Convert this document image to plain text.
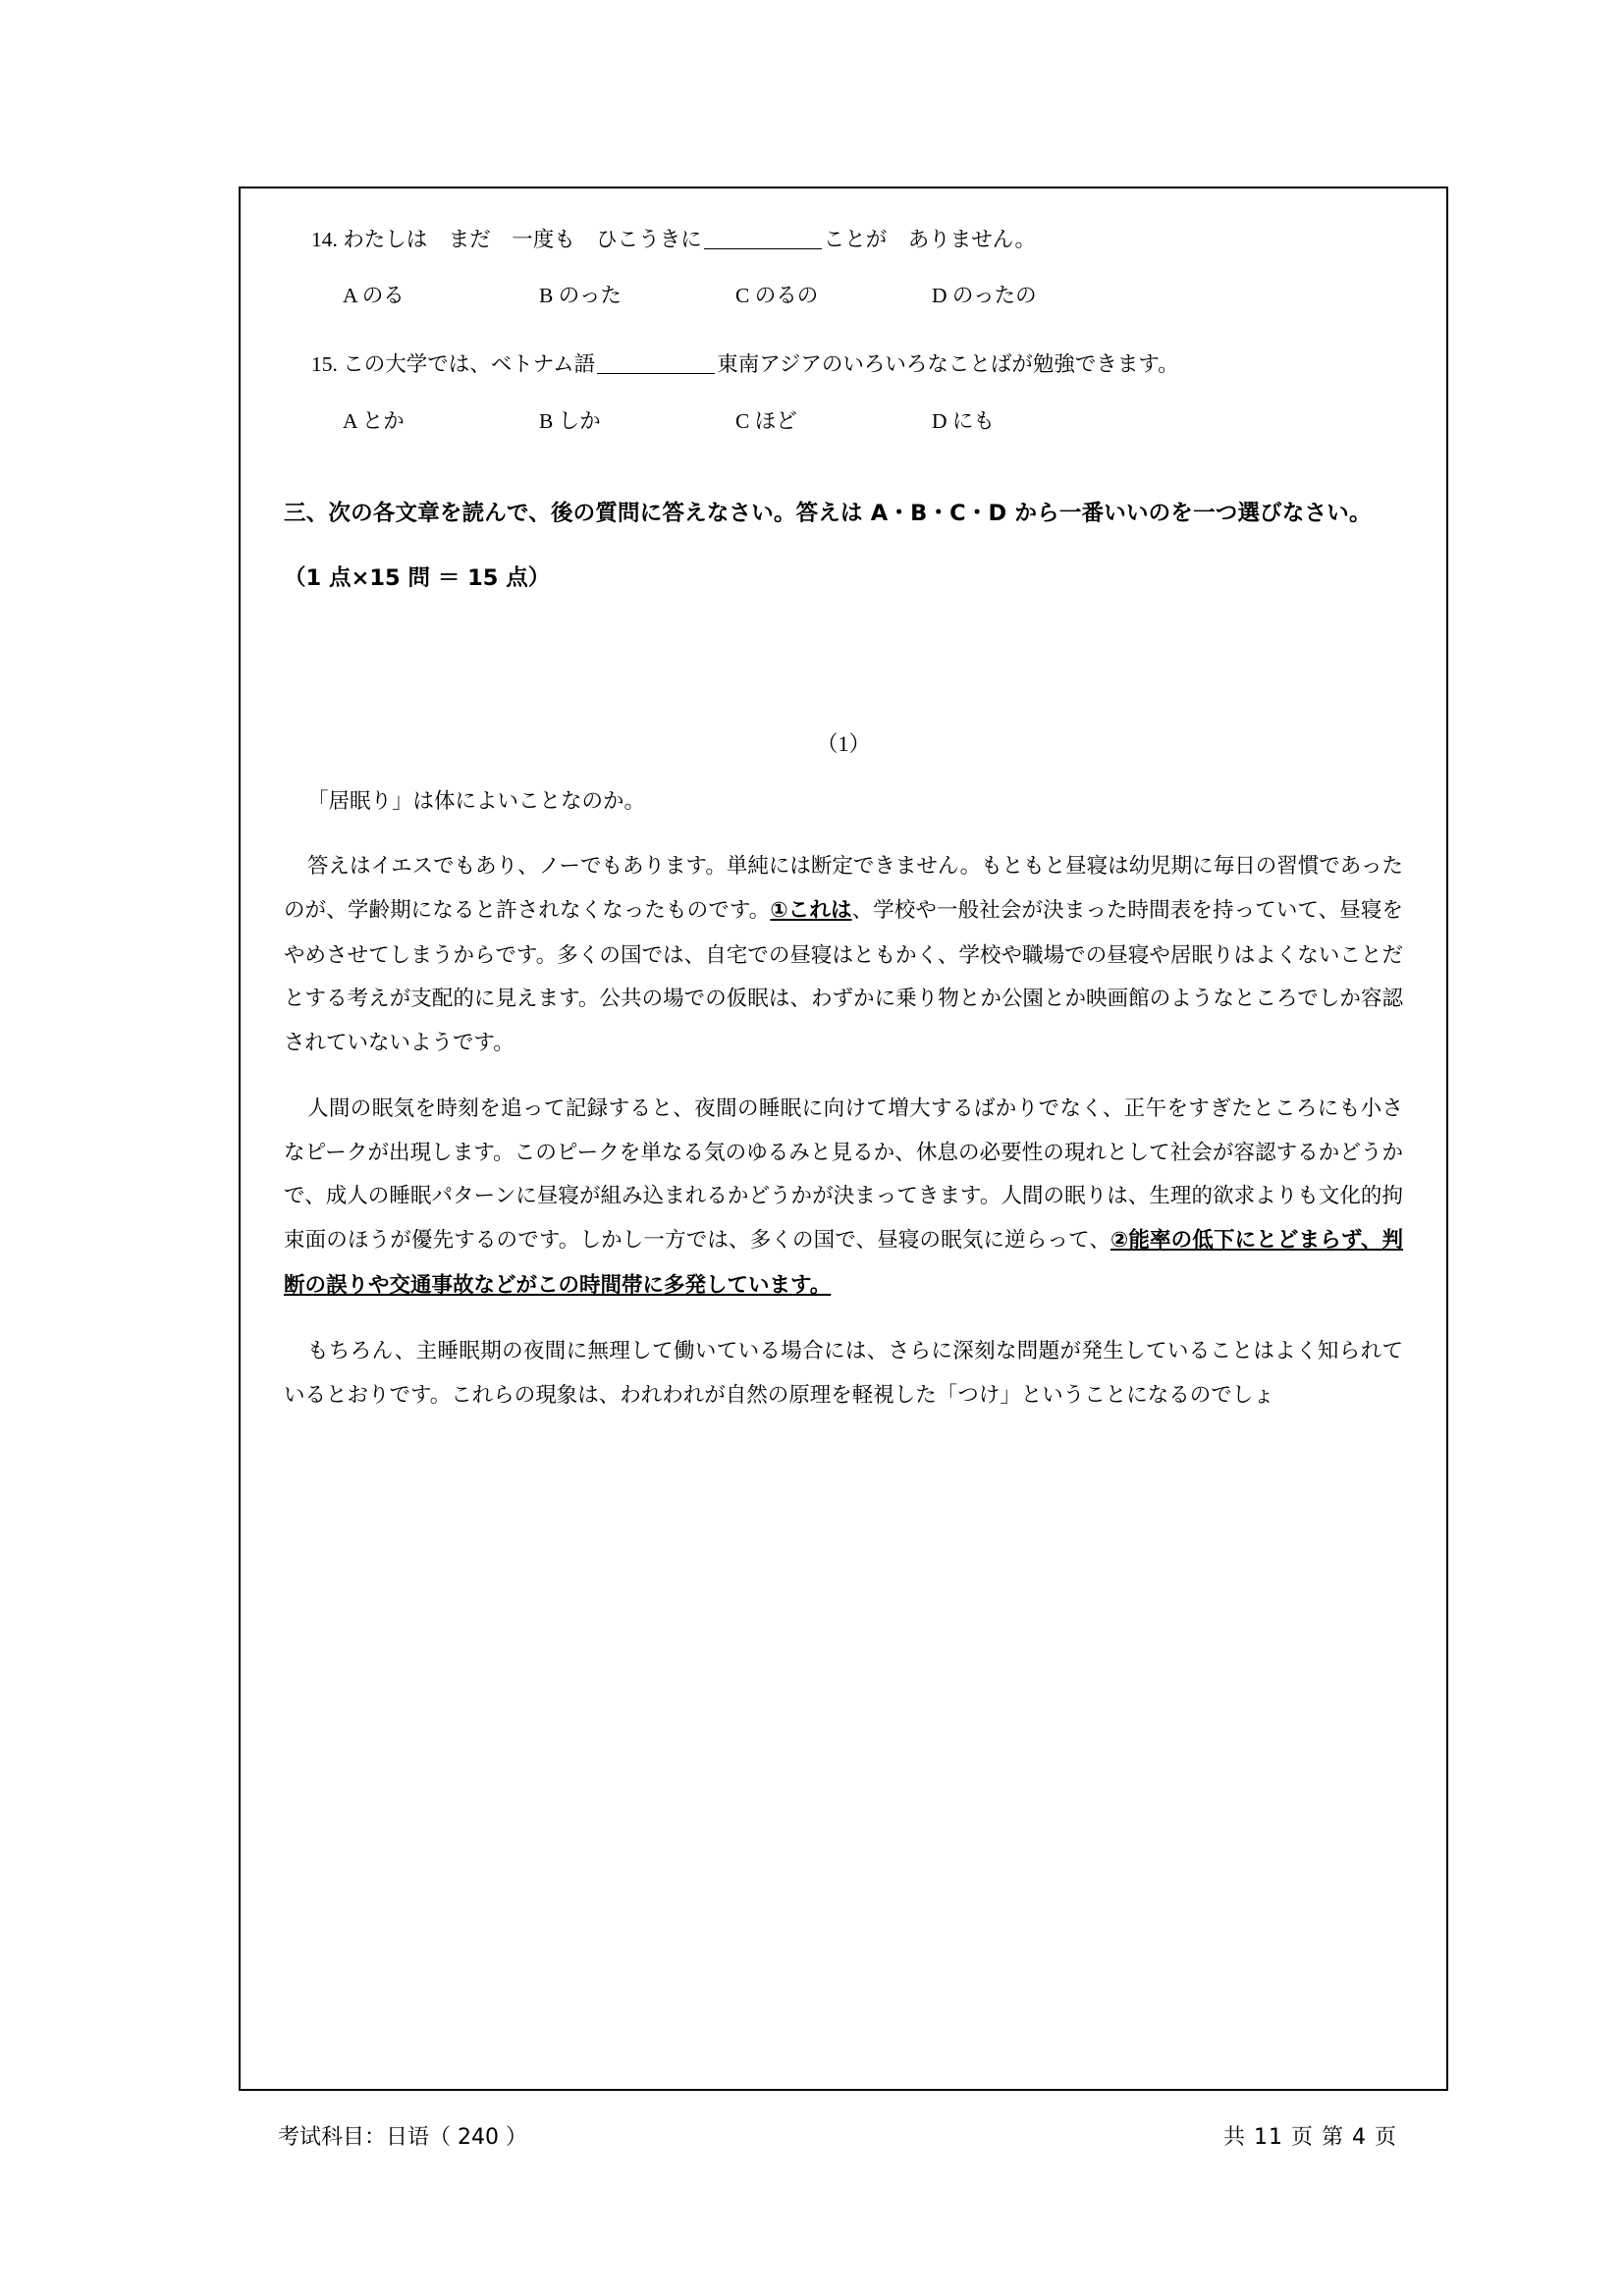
14. わたしは　まだ　一度も　ひこうきに	ことが　ありません。
A のる	B のった	C のるの	D のったの
15. この大学では、ベトナム語	東南アジアのいろいろなことばが勉強できます。
A とか	B しか	C ほど	D にも
三、次の各文章を読んで、後の質問に答えなさい。答えは A・B・C・D から一番いいのを一つ選びなさい。
（1 点×15 問 ＝ 15 点）
（1）
「居眠り」は体によいことなのか。
答えはイエスでもあり、ノーでもあります。単純には断定できません。もともと昼寝は幼児期に毎日の習慣であったのが、学齢期になると許されなくなったものです。①これは、学校や一般社会が決まった時間表を持っていて、昼寝をやめさせてしまうからです。多くの国では、自宅での昼寝はともかく、学校や職場での昼寝や居眠りはよくないことだとする考えが支配的に見えます。公共の場での仮眠は、わずかに乗り物とか公園とか映画館のようなところでしか容認されていないようです。
人間の眠気を時刻を追って記録すると、夜間の睡眠に向けて増大するばかりでなく、正午をすぎたところにも小さなピークが出現します。このピークを単なる気のゆるみと見るか、休息の必要性の現れとして社会が容認するかどうかで、成人の睡眠パターンに昼寝が組み込まれるかどうかが決まってきます。人間の眠りは、生理的欲求よりも文化的拘束面のほうが優先するのです。しかし一方では、多くの国で、昼寝の眠気に逆らって、②能率の低下にとどまらず、判断の誤りや交通事故などがこの時間帯に多発しています。
もちろん、主睡眠期の夜間に無理して働いている場合には、さらに深刻な問題が発生していることはよく知られているとおりです。これらの現象は、われわれが自然の原理を軽視した「つけ」ということになるのでしょ
考试科目：日语（ 240 ）	共 11 页 第 4 页
